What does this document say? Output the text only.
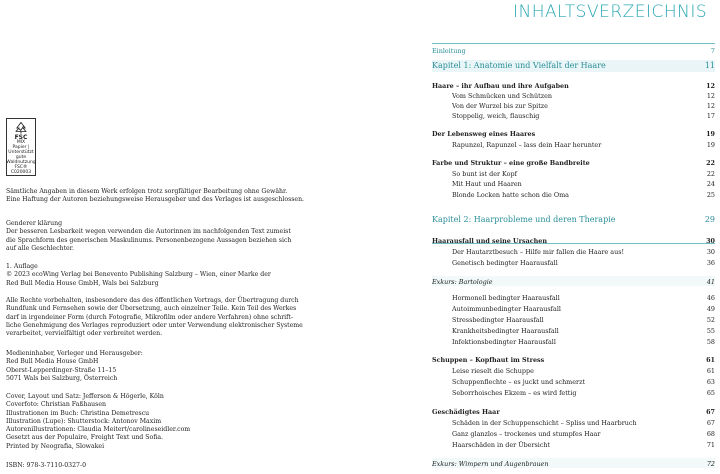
FSC
MIX
Papier | Unterstützt
gute Waldnutzung
FSC® C020003

Sämtliche Angaben in diesem Werk erfolgen trotz sorgfältiger Bearbeitung ohne Gewähr.
Eine Haftung der Autoren beziehungsweise Herausgeber und des Verlages ist ausgeschlossen.

Genderer klärung
Der besseren Lesbarkeit wegen verwenden die Autorinnen im nachfolgenden Text zumeist
die Sprachform des generischen Maskulinums. Personenbezogene Aussagen beziehen sich
auf alle Geschlechter.

1. Auflage
© 2023 ecoWing Verlag bei Benevento Publishing Salzburg – Wien, einer Marke der
Red Bull Media House GmbH, Wals bei Salzburg

Alle Rechte vorbehalten, insbesondere das des öffentlichen Vortrags, der Übertragung durch
Rundfunk und Fernsehen sowie der Übersetzung, auch einzelner Teile. Kein Teil des Werkes
darf in irgendeiner Form (durch Fotografie, Mikrofilm oder andere Verfahren) ohne schrift-
liche Genehmigung des Verlages reproduziert oder unter Verwendung elektronischer Systeme
verarbeitet, vervielfältigt oder verbreitet werden.

Medieninhaber, Verleger und Herausgeber:
Red Bull Media House GmbH
Oberst-Lepperdinger-Straße 11–15
5071 Wals bei Salzburg, Österreich

Cover, Layout und Satz: Jefferson & Högerle, Köln
Coverfoto: Christian Faßhausen
Illustrationen im Buch: Christina Demetrescu
Illustration (Lupe): Shutterstock: Antonov Maxim
Autorenillustrationen: Claudia Meitert/carolineseidler.com
Gesetzt aus der Populaire, Freight Text und Sofia.
Printed by Neografia, Slowakei

ISBN: 978-3-7110-0327-0

INHALTSVERZEICHNIS
Einleitung	7
Kapitel 1: Anatomie und Vielfalt der Haare	11
Haare – ihr Aufbau und ihre Aufgaben	12
Vom Schmücken und Schützen	12
Von der Wurzel bis zur Spitze	12
Stoppelig, weich, flauschig	17
Der Lebensweg eines Haares	19
Rapunzel, Rapunzel – lass dein Haar herunter	19
Farbe und Struktur – eine große Bandbreite	22
So bunt ist der Kopf	22
Mit Haut und Haaren	24
Blonde Locken hatte schon die Oma	25
Kapitel 2: Haarprobleme und deren Therapie	29
Haarausfall und seine Ursachen	30
Der Hautarztbesuch – Hilfe mir fallen die Haare aus!	30
Genetisch bedingter Haarausfall	36
Exkurs: Bartologie	41
Hormonell bedingter Haarausfall	46
Autoimmunbedingter Haarausfall	49
Stressbedingter Haarausfall	52
Krankheitsbedingter Haarausfall	55
Infektionsbedingter Haarausfall	58
Schuppen – Kopfhaut im Stress	61
Leise rieselt die Schuppe	61
Schuppenflechte – es juckt und schmerzt	63
Seborrhoisches Ekzem – es wird fettig	65
Geschädigtes Haar	67
Schäden in der Schuppenschicht – Spliss und Haarbruch	67
Ganz glanzlos – trockenes und stumpfes Haar	68
Haarschäden in der Übersicht	71
Exkurs: Wimpern und Augenbrauen	72
